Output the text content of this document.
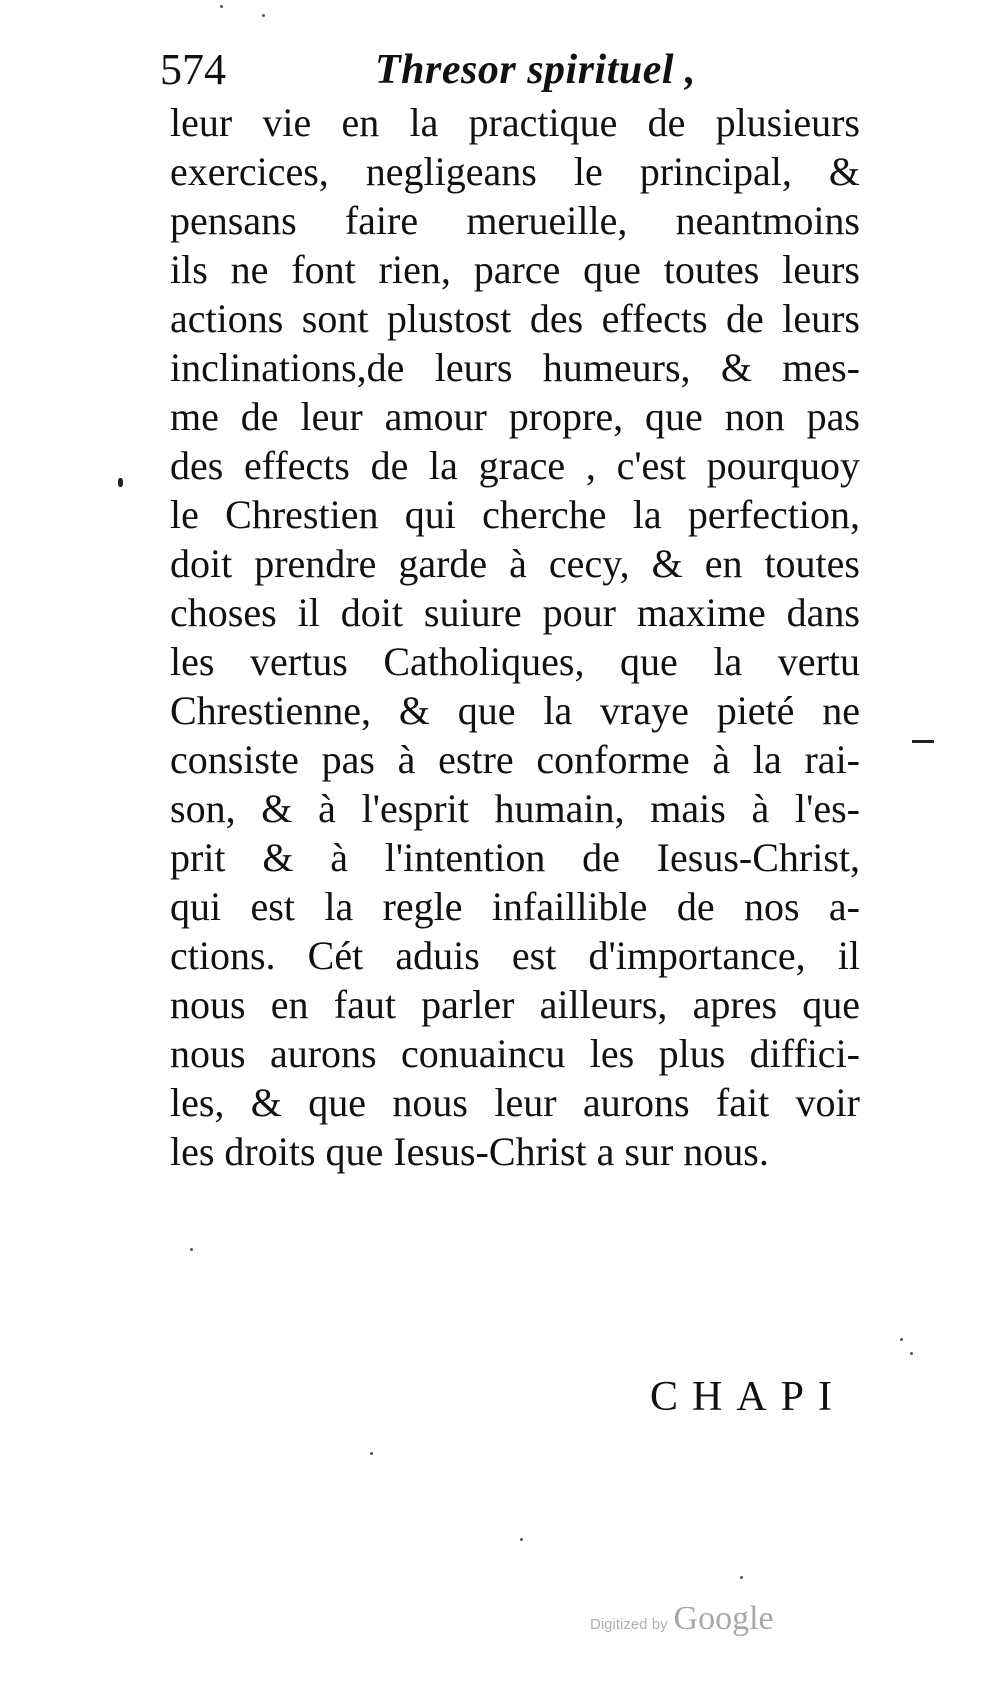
574	Thresor spirituel ,
leur vie en la practique de plusieurs
exercices, negligeans le principal, &
pensans faire merueille, neantmoins
ils ne font rien, parce que toutes leurs
actions sont plustost des effects de leurs
inclinations,de leurs humeurs, & mes-
me de leur amour propre, que non pas
des effects de la grace , c'est pourquoy
le Chrestien qui cherche la perfection,
doit prendre garde à cecy, & en toutes
choses il doit suiure pour maxime dans
les vertus Catholiques, que la vertu
Chrestienne, & que la vraye pieté ne
consiste pas à estre conforme à la rai-
son, & à l'esprit humain, mais à l'es-
prit & à l'intention de Iesus-Christ,
qui est la regle infaillible de nos a-
ctions. Cét aduis est d'importance, il
nous en faut parler ailleurs, apres que
nous aurons conuaincu les plus diffici-
les, & que nous leur aurons fait voir
les droits que Iesus-Christ a sur nous.
CHAPI
Digitized by Google
